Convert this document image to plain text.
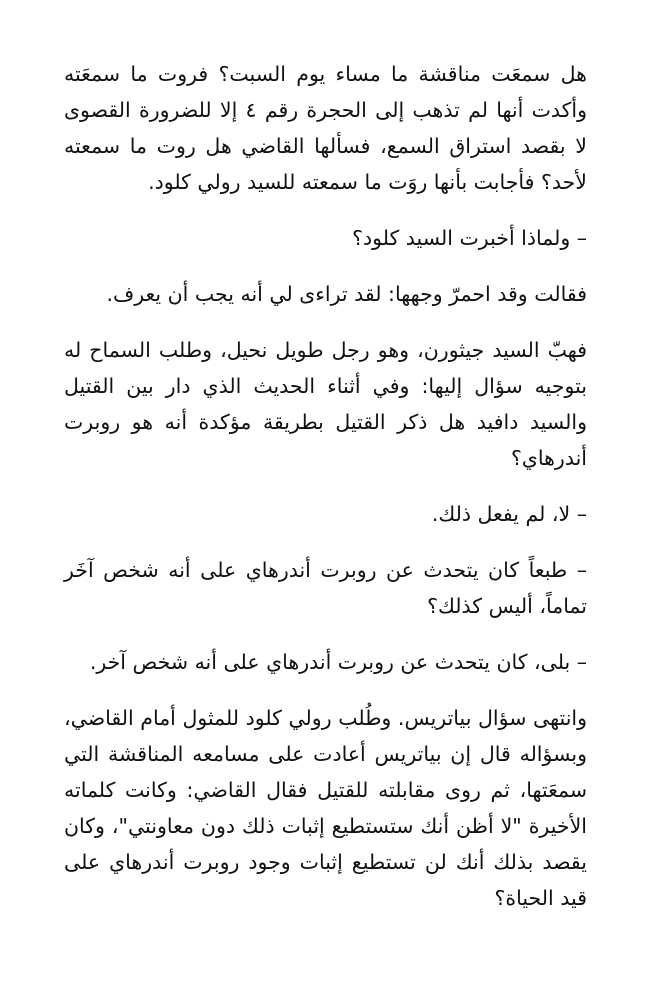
هل سمعَت مناقشة ما مساء يوم السبت؟ فروت ما سمعَته وأكدت أنها لم تذهب إلى الحجرة رقم ٤ إلا للضرورة القصوى لا بقصد استراق السمع، فسألها القاضي هل روت ما سمعته لأحد؟ فأجابت بأنها روَت ما سمعته للسيد رولي كلود.

– ولماذا أخبرت السيد كلود؟

فقالت وقد احمرّ وجهها: لقد تراءى لي أنه يجب أن يعرف.

فهبّ السيد جيثورن، وهو رجل طويل نحيل، وطلب السماح له بتوجيه سؤال إليها: وفي أثناء الحديث الذي دار بين القتيل والسيد دافيد هل ذكر القتيل بطريقة مؤكدة أنه هو روبرت أندرهاي؟

– لا، لم يفعل ذلك.

– طبعاً كان يتحدث عن روبرت أندرهاي على أنه شخص آخَر تماماً، أليس كذلك؟

– بلى، كان يتحدث عن روبرت أندرهاي على أنه شخص آخر.

وانتهى سؤال بياتريس. وطُلب رولي كلود للمثول أمام القاضي، وبسؤاله قال إن بياتريس أعادت على مسامعه المناقشة التي سمعَتها، ثم روى مقابلته للقتيل فقال القاضي: وكانت كلماته الأخيرة "لا أظن أنك ستستطيع إثبات ذلك دون معاونتي"، وكان يقصد بذلك أنك لن تستطيع إثبات وجود روبرت أندرهاي على قيد الحياة؟
